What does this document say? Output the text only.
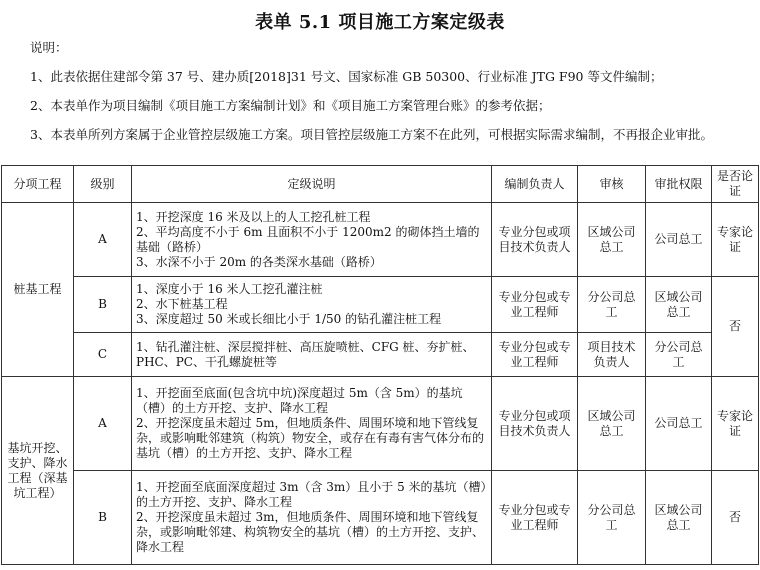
表单 5.1 项目施工方案定级表
说明：
1、此表依据住建部令第 37 号、建办质[2018]31 号文、国家标准 GB 50300、行业标准 JTG F90 等文件编制；
2、本表单作为项目编制《项目施工方案编制计划》和《项目施工方案管理台账》的参考依据；
3、本表单所列方案属于企业管控层级施工方案。项目管控层级施工方案不在此列，可根据实际需求编制，不再报企业审批。
分项工程	级别	定级说明	编制负责人	审核	审批权限	是否论证
桩基工程	A	1、开挖深度 16 米及以上的人工挖孔桩工程
2、平均高度不小于 6m 且面积不小于 1200m2 的砌体挡土墙的基础（路桥）
3、水深不小于 20m 的各类深水基础（路桥）	专业分包或项目技术负责人	区域公司总工	公司总工	专家论证
	B	1、深度小于 16 米人工挖孔灌注桩
2、水下桩基工程
3、深度超过 50 米或长细比小于 1/50 的钻孔灌注桩工程	专业分包或专业工程师	分公司总工	区域公司总工	否
	C	1、钻孔灌注桩、深层搅拌桩、高压旋喷桩、CFG 桩、夯扩桩、PHC、PC、干孔螺旋桩等	专业分包或专业工程师	项目技术负责人	分公司总工	
基坑开挖、支护、降水工程（深基坑工程）	A	1、开挖面至底面(包含坑中坑)深度超过 5m（含 5m）的基坑（槽）的土方开挖、支护、降水工程
2、开挖深度虽未超过 5m，但地质条件、周围环境和地下管线复杂，或影响毗邻建筑（构筑）物安全，或存在有毒有害气体分布的基坑（槽）的土方开挖、支护、降水工程	专业分包或项目技术负责人	区域公司总工	公司总工	专家论证
	B	1、开挖面至底面深度超过 3m（含 3m）且小于 5 米的基坑（槽）的土方开挖、支护、降水工程
2、开挖深度虽未超过 3m，但地质条件、周围环境和地下管线复杂，或影响毗邻建、构筑物安全的基坑（槽）的土方开挖、支护、降水工程	专业分包或专业工程师	分公司总工	区域公司总工	否
